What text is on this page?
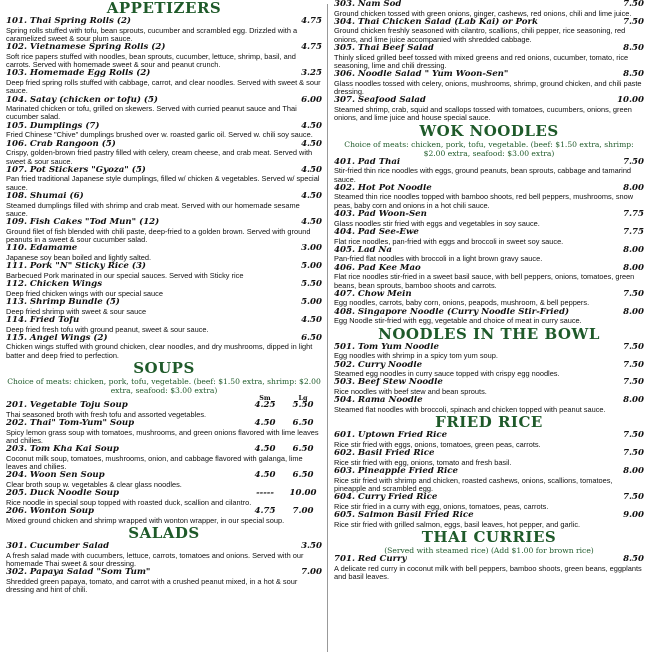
APPETIZERS
101. Thai Spring Rolls (2)	4.75
Spring rolls stuffed with tofu, bean sprouts, cucumber and scrambled egg. Drizzled with a caramelized sweet & sour plum sauce.
102. Vietnamese Spring Rolls (2)	4.75
Soft rice papers stuffed with noodles, bean sprouts, cucumber, lettuce, shrimp, basil, and carrots. Served with homemade sweet & sour and peanut crunch.
103. Homemade Egg Rolls (2)	3.25
Deep fried spring rolls stuffed with cabbage, carrot, and clear noodles. Served with sweet & sour sauce.
104. Satay (chicken or tofu) (5)	6.00
Marinated chicken or tofu, grilled on skewers. Served with curried peanut sauce and Thai cucumber salad.
105. Dumplings (7)	4.50
Fried Chinese "Chive" dumplings brushed over w. roasted garlic oil. Served w. chili soy sauce.
106. Crab Rangoon (5)	4.50
Crispy, golden-brown fried pastry filled with celery, cream cheese, and crab meat. Served with sweet & sour sauce.
107. Pot Stickers "Gyoza" (5)	4.50
Pan fried traditional Japanese style dumplings, filled w/ chicken & vegetables. Served w/ special sauce.
108. Shumai (6)	4.50
Steamed dumplings filled with shrimp and crab meat. Served with our homemade sesame sauce.
109. Fish Cakes "Tod Mun" (12)	4.50
Ground filet of fish blended with chili paste, deep-fried to a golden brown. Served with ground peanuts in a sweet & sour cucumber salad.
110. Edamame	3.00
Japanese soy bean boiled and lightly salted.
111. Pork "N" Sticky Rice (3)	5.00
Barbecued Pork marinated in our special sauces. Served with Sticky rice
112. Chicken Wings	5.50
Deep fried chicken wings with our special sauce
113. Shrimp Bundle (5)	5.00
Deep fried shrimp with sweet & sour sauce
114. Fried Tofu	4.50
Deep fried fresh tofu with ground peanut, sweet & sour sauce.
115. Angel Wings (2)	6.50
Chicken wings stuffed with ground chicken, clear noodles, and dry mushrooms, dipped in light batter and deep fried to perfection.
SOUPS
Choice of meats: chicken, pork, tofu, vegetable. (beef: $1.50 extra, shrimp: $2.00 extra, seafood: $3.00 extra)
Sm	Lg
201. Vegetable Toju Soup	4.25	5.50
Thai seasoned broth with fresh tofu and assorted vegetables.
202. Thai" Tom-Yum" Soup	4.50	6.50
Spicy lemon grass soup with tomatoes, mushrooms, and green onions flavored with lime leaves and chilies.
203. Tom Kha Kai Soup	4.50	6.50
Coconut milk soup, tomatoes, mushrooms, onion, and cabbage flavored with galanga, lime leaves and chilies.
204. Woon Sen Soup	4.50	6.50
Clear broth soup w. vegetables & clear glass noodles.
205. Duck Noodle Soup	-----	10.00
Rice noodle in special soup topped with roasted duck, scallion and cilantro.
206. Wonton Soup	4.75	7.00
Mixed ground chicken and shrimp wrapped with wonton wrapper, in our special soup.
SALADS
301. Cucumber Salad	3.50
A fresh salad made with cucumbers, lettuce, carrots, tomatoes and onions. Served with our homemade Thai sweet & sour dressing.
302. Papaya Salad "Som Tum"	7.00
Shredded green papaya, tomato, and carrot with a crushed peanut mixed, in a hot & sour dressing and hint of chili.
303. Nam Sod	7.50
Ground chicken tossed with green onions, ginger, cashews, red onions, chili and lime juice.
304. Thai Chicken Salad (Lab Kai) or Pork	7.50
Ground chicken freshly seasoned with cilantro, scallions, chili pepper, rice seasoning, red onions, and lime juice accompanied with shredded cabbage.
305. Thai Beef Salad	8.50
Thinly sliced grilled beef tossed with mixed greens and red onions, cucumber, tomato, rice seasoning, lime and chili dressing.
306. Noodle Salad " Yum Woon-Sen"	8.50
Glass noodles tossed with celery, onions, mushrooms, shrimp, ground chicken, and chili paste dressing.
307. Seafood Salad	10.00
Steamed shrimp, crab, squid and scallops tossed with tomatoes, cucumbers, onions, green onions, and lime juice and house special sauce.
WOK NOODLES
Choice of meats: chicken, pork, tofu, vegetable. (beef: $1.50 extra, shrimp: $2.00 extra, seafood: $3.00 extra)
401. Pad Thai	7.50
Stir-fried thin rice noodles with eggs, ground peanuts, bean sprouts, cabbage and tamarind sauce.
402. Hot Pot Noodle	8.00
Steamed thin rice noodles topped with bamboo shoots, red bell peppers, mushrooms, snow peas, baby corn and onions in a hot chili sauce.
403. Pad Woon-Sen	7.75
Glass noodles stir fried with eggs and vegetables in soy sauce.
404. Pad See-Ewe	7.75
Flat rice noodles, pan-fried with eggs and broccoli in sweet soy sauce.
405. Lad Na	8.00
Pan-fried flat noodles with broccoli in a light brown gravy sauce.
406. Pad Kee Mao	8.00
Flat rice noodles stir-fried in a sweet basil sauce, with bell peppers, onions, tomatoes, green beans, bean sprouts, bamboo shoots and carrots.
407. Chow Mein	7.50
Egg noodles, carrots, baby corn, onions, peapods, mushroom, & bell peppers.
408. Singapore Noodle (Curry Noodle Stir-Fried)	8.00
Egg Noodle stir-fried with egg, vegetable and choice of meat in curry sauce.
NOODLES IN THE BOWL
501. Tom Yum Noodle	7.50
Egg noodles with shrimp in a spicy tom yum soup.
502. Curry Noodle	7.50
Steamed egg noodles in curry sauce topped with crispy egg noodles.
503. Beef Stew Noodle	7.50
Rice noodles with beef stew and bean sprouts.
504. Rama Noodle	8.00
Steamed flat noodles with broccoli, spinach and chicken topped with peanut sauce.
FRIED RICE
601. Uptown Fried Rice	7.50
Rice stir fried with eggs, onions, tomatoes, green peas, carrots.
602. Basil Fried Rice	7.50
Rice stir fried with egg, onions, tomato and fresh basil.
603. Pineapple Fried Rice	8.00
Rice stir fried with shrimp and chicken, roasted cashews, onions, scallions, tomatoes, pineapple and scrambled egg.
604. Curry Fried Rice	7.50
Rice stir fried in a curry with egg, onions, tomatoes, peas, carrots.
605. Salmon Basil Fried Rice	9.00
Rice stir fried with grilled salmon, eggs, basil leaves, hot pepper, and garlic.
THAI CURRIES
(Served with steamed rice) (Add $1.00 for brown rice)
701. Red Curry	8.50
A delicate red curry in coconut milk with bell peppers, bamboo shoots, green beans, eggplants and basil leaves.
